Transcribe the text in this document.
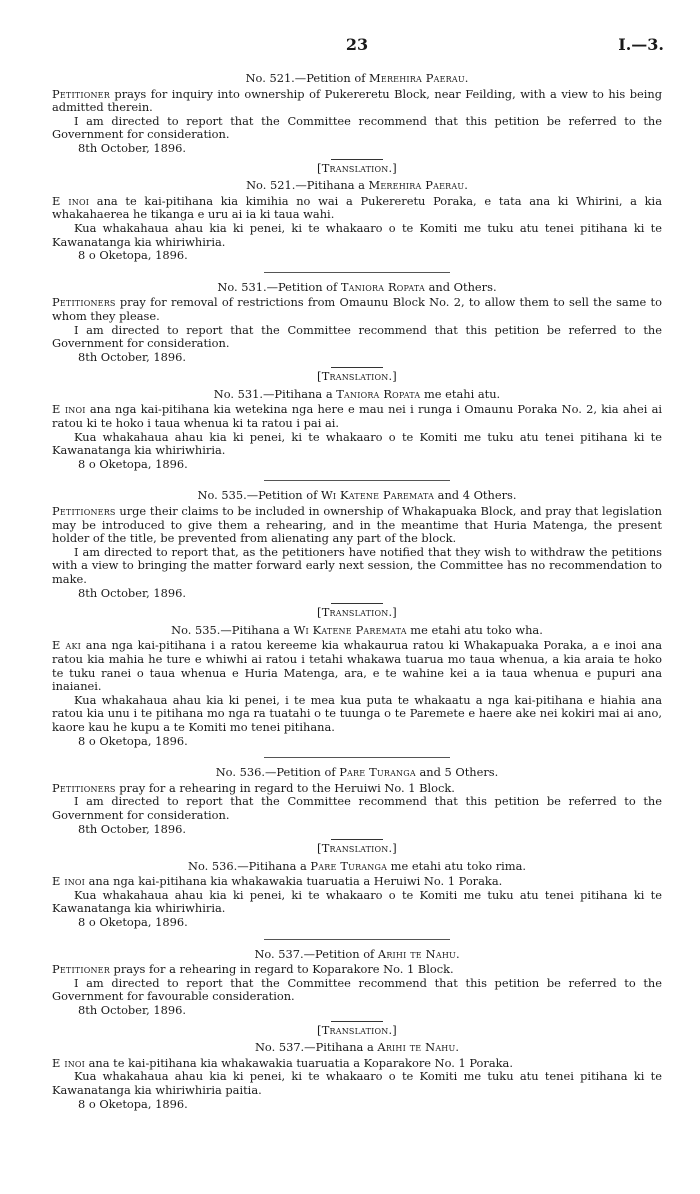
23	I.—3.
No. 521.—Petition of Merehira Paerau.

Petitioner prays for inquiry into ownership of Pukereretu Block, near Feilding, with a view to his being admitted therein.

I am directed to report that the Committee recommend that this petition be referred to the Government for consideration.

8th October, 1896.
[Translation.]
No. 521.—Pitihana a Merehira Paerau.

E inoi ana te kai-pitihana kia kimihia no wai a Pukereretu Poraka, e tata ana ki Whirini, a kia whakahaerea he tikanga e uru ai ia ki taua wahi.

Kua whakahaua ahau kia ki penei, ki te whakaaro o te Komiti me tuku atu tenei pitihana ki te Kawanatanga kia whiriwhiria.

8 o Oketopa, 1896.
No. 531.—Petition of Taniora Ropata and Others.

Petitioners pray for removal of restrictions from Omaunu Block No. 2, to allow them to sell the same to whom they please.

I am directed to report that the Committee recommend that this petition be referred to the Government for consideration.

8th October, 1896.
[Translation.]
No. 531.—Pitihana a Taniora Ropata me etahi atu.

E inoi ana nga kai-pitihana kia wetekina nga here e mau nei i runga i Omaunu Poraka No. 2, kia ahei ai ratou ki te hoko i taua whenua ki ta ratou i pai ai.

Kua whakahaua ahau kia ki penei, ki te whakaaro o te Komiti me tuku atu tenei pitihana ki te Kawanatanga kia whiriwhiria.

8 o Oketopa, 1896.
No. 535.—Petition of Wi Katene Paremata and 4 Others.

Petitioners urge their claims to be included in ownership of Whakapuaka Block, and pray that legislation may be introduced to give them a rehearing, and in the meantime that Huria Matenga, the present holder of the title, be prevented from alienating any part of the block.

I am directed to report that, as the petitioners have notified that they wish to withdraw the petitions with a view to bringing the matter forward early next session, the Committee has no recommendation to make.

8th October, 1896.
[Translation.]
No. 535.—Pitihana a Wi Katene Paremata me etahi atu toko wha.

E aki ana nga kai-pitihana i a ratou kereeme kia whakaurua ratou ki Whakapuaka Poraka, a e inoi ana ratou kia mahia he ture e whiwhi ai ratou i tetahi whakawa tuarua mo taua whenua, a kia araia te hoko te tuku ranei o taua whenua e Huria Matenga, ara, e te wahine kei a ia taua whenua e pupuri ana inaianei.

Kua whakahaua ahau kia ki penei, i te mea kua puta te whakaatu a nga kai-pitihana e hiahia ana ratou kia unu i te pitihana mo nga ra tuatahi o te tuunga o te Paremete e haere ake nei kokiri mai ai ano, kaore kau he kupu a te Komiti mo tenei pitihana.

8 o Oketopa, 1896.
No. 536.—Petition of Pare Turanga and 5 Others.

Petitioners pray for a rehearing in regard to the Heruiwi No. 1 Block.

I am directed to report that the Committee recommend that this petition be referred to the Government for consideration.

8th October, 1896.
[Translation.]
No. 536.—Pitihana a Pare Turanga me etahi atu toko rima.

E inoi ana nga kai-pitihana kia whakawakia tuaruatia a Heruiwi No. 1 Poraka.

Kua whakahaua ahau kia ki penei, ki te whakaaro o te Komiti me tuku atu tenei pitihana ki te Kawanatanga kia whiriwhiria.

8 o Oketopa, 1896.
No. 537.—Petition of Arihi te Nahu.

Petitioner prays for a rehearing in regard to Koparakore No. 1 Block.

I am directed to report that the Committee recommend that this petition be referred to the Government for favourable consideration.

8th October, 1896.
[Translation.]
No. 537.—Pitihana a Arihi te Nahu.

E inoi ana te kai-pitihana kia whakawakia tuaruatia a Koparakore No. 1 Poraka.

Kua whakahaua ahau kia ki penei, ki te whakaaro o te Komiti me tuku atu tenei pitihana ki te Kawanatanga kia whiriwhiria paitia.

8 o Oketopa, 1896.
